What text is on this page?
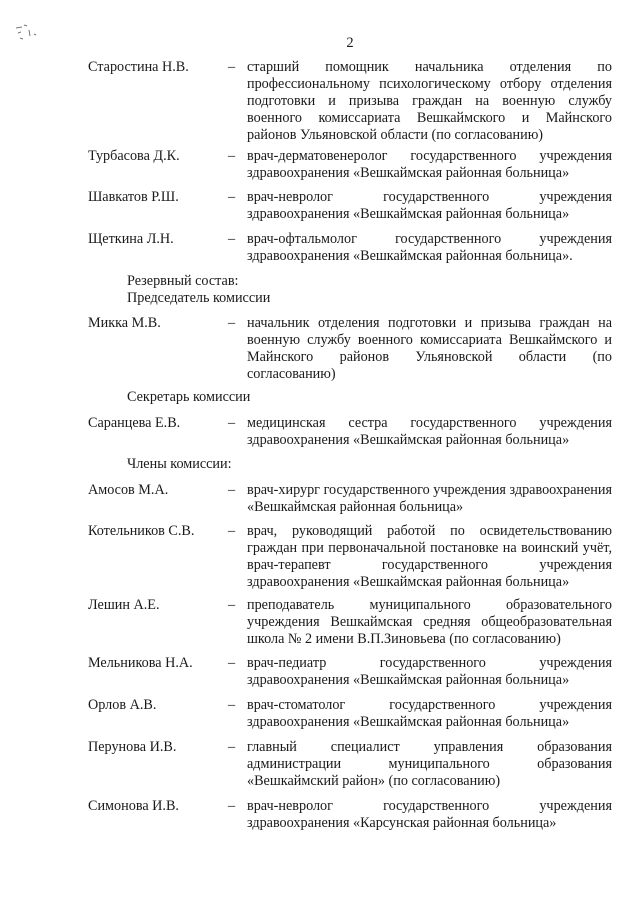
2
Старостина Н.В.	– старший помощник начальника отделения по профессиональному психологическому отбору отделения подготовки и призыва граждан на военную службу военного комиссариата Вешкаймского и Майнского районов Ульяновской области (по согласованию)
Турбасова Д.К.	– врач-дерматовенеролог государственного учреждения здравоохранения «Вешкаймская районная больница»
Шавкатов Р.Ш.	– врач-невролог государственного учреждения здравоохранения «Вешкаймская районная больница»
Щеткина Л.Н.	– врач-офтальмолог государственного учреждения здравоохранения «Вешкаймская районная больница».
Микка М.В.	– начальник отделения подготовки и призыва граждан на военную службу военного комиссариата Вешкаймского и Майнского районов Ульяновской области (по согласованию)
Саранцева Е.В.	– медицинская сестра государственного учреждения здравоохранения «Вешкаймская районная больница»
Амосов М.А.	– врач-хирург государственного учреждения здравоохранения «Вешкаймская районная больница»
Котельников С.В. – врач, руководящий работой по освидетельствованию граждан при первоначальной постановке на воинский учёт, врач-терапевт государственного учреждения здравоохранения «Вешкаймская районная больница»
Лешин А.Е.	– преподаватель муниципального образовательного учреждения Вешкаймская средняя общеобразовательная школа № 2 имени В.П.Зиновьева (по согласованию)
Мельникова Н.А. – врач-педиатр государственного учреждения здравоохранения «Вешкаймская районная больница»
Орлов А.В.	– врач-стоматолог государственного учреждения здравоохранения «Вешкаймская районная больница»
Перунова И.В.	– главный специалист управления образования администрации муниципального образования «Вешкаймский район» (по согласованию)
Симонова И.В.	– врач-невролог государственного учреждения здравоохранения «Карсунская районная больница»
Резервный состав:
Председатель комиссии
Секретарь комиссии
Члены комиссии:
